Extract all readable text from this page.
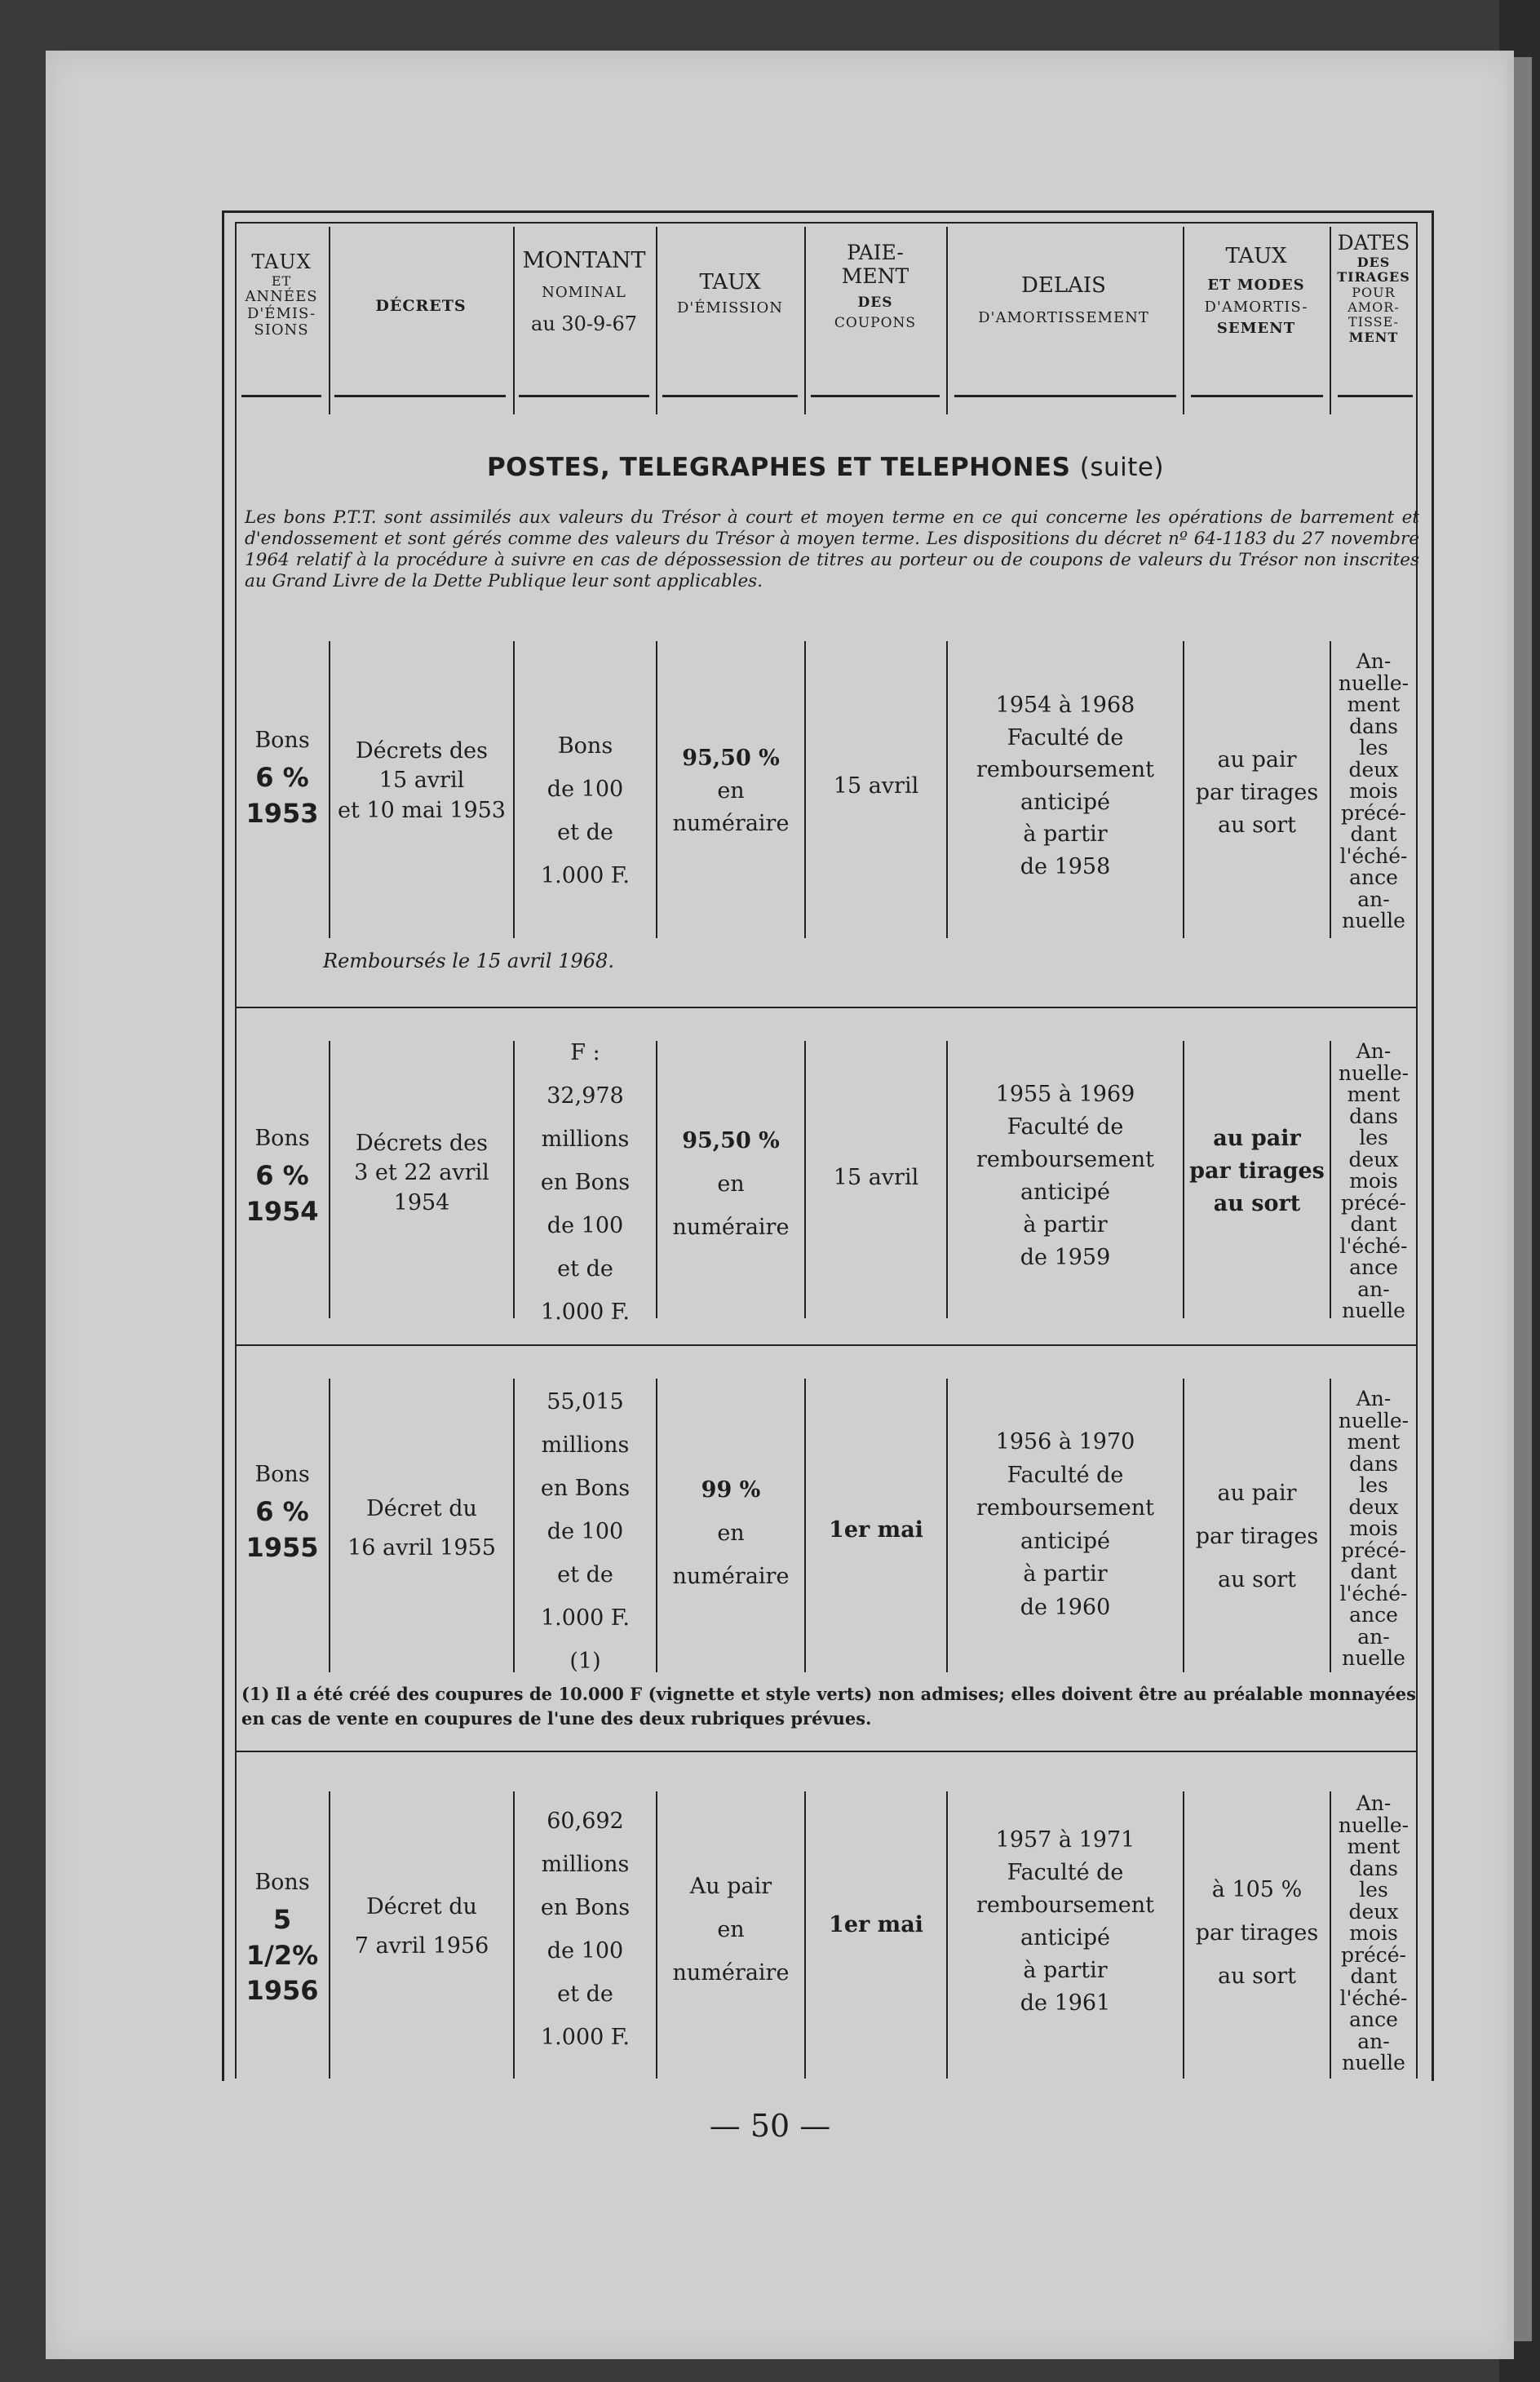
TAUX
ET
ANNÉES
D'ÉMIS-
SIONS
DÉCRETS
MONTANT
NOMINAL
au 30-9-67
TAUX
D'ÉMISSION
PAIE-
MENT
DES
COUPONS
DELAIS
D'AMORTISSEMENT
TAUX
ET MODES
D'AMORTIS-
SEMENT
DATES
DES
TIRAGES
POUR
AMOR-
TISSE-
MENT
POSTES, TELEGRAPHES ET TELEPHONES (suite)
Les bons P.T.T. sont assimilés aux valeurs du Trésor à court et moyen terme en ce qui concerne les opérations de barrement et d'endossement et sont gérés comme des valeurs du Trésor à moyen terme. Les dispositions du décret nº 64-1183 du 27 novembre 1964 relatif à la procédure à suivre en cas de dépossession de titres au porteur ou de coupons de valeurs du Trésor non inscrites au Grand Livre de la Dette Publique leur sont applicables.
Bons
6 %
1953
Décrets des
15 avril
et 10 mai 1953
Bons
de 100
et de
1.000 F.
95,50 %
en
numéraire
15 avril
1954 à 1968
Faculté de
remboursement
anticipé
à partir
de 1958
au pair
par tirages
au sort
An-
nuelle-
ment
dans
les
deux
mois
précé-
dant
l'éché-
ance
an-
nuelle
Remboursés le 15 avril 1968.
Bons
6 %
1954
Décrets des
3 et 22 avril
1954
F :
32,978
millions
en Bons
de 100
et de
1.000 F.
95,50 %
en
numéraire
15 avril
1955 à 1969
Faculté de
remboursement
anticipé
à partir
de 1959
au pair
par tirages
au sort
An-
nuelle-
ment
dans
les
deux
mois
précé-
dant
l'éché-
ance
an-
nuelle
Bons
6 %
1955
Décret du
16 avril 1955
55,015
millions
en Bons
de 100
et de
1.000 F.
(1)
99 %
en
numéraire
1er mai
1956 à 1970
Faculté de
remboursement
anticipé
à partir
de 1960
au pair
par tirages
au sort
An-
nuelle-
ment
dans
les
deux
mois
précé-
dant
l'éché-
ance
an-
nuelle
(1) Il a été créé des coupures de 10.000 F (vignette et style verts) non admises; elles doivent être au préalable monnayées en cas de vente en coupures de l'une des deux rubriques prévues.
Bons
5 1/2%
1956
Décret du
7 avril 1956
60,692
millions
en Bons
de 100
et de
1.000 F.
Au pair
en
numéraire
1er mai
1957 à 1971
Faculté de
remboursement
anticipé
à partir
de 1961
à 105 %
par tirages
au sort
An-
nuelle-
ment
dans
les
deux
mois
précé-
dant
l'éché-
ance
an-
nuelle
— 50 —
